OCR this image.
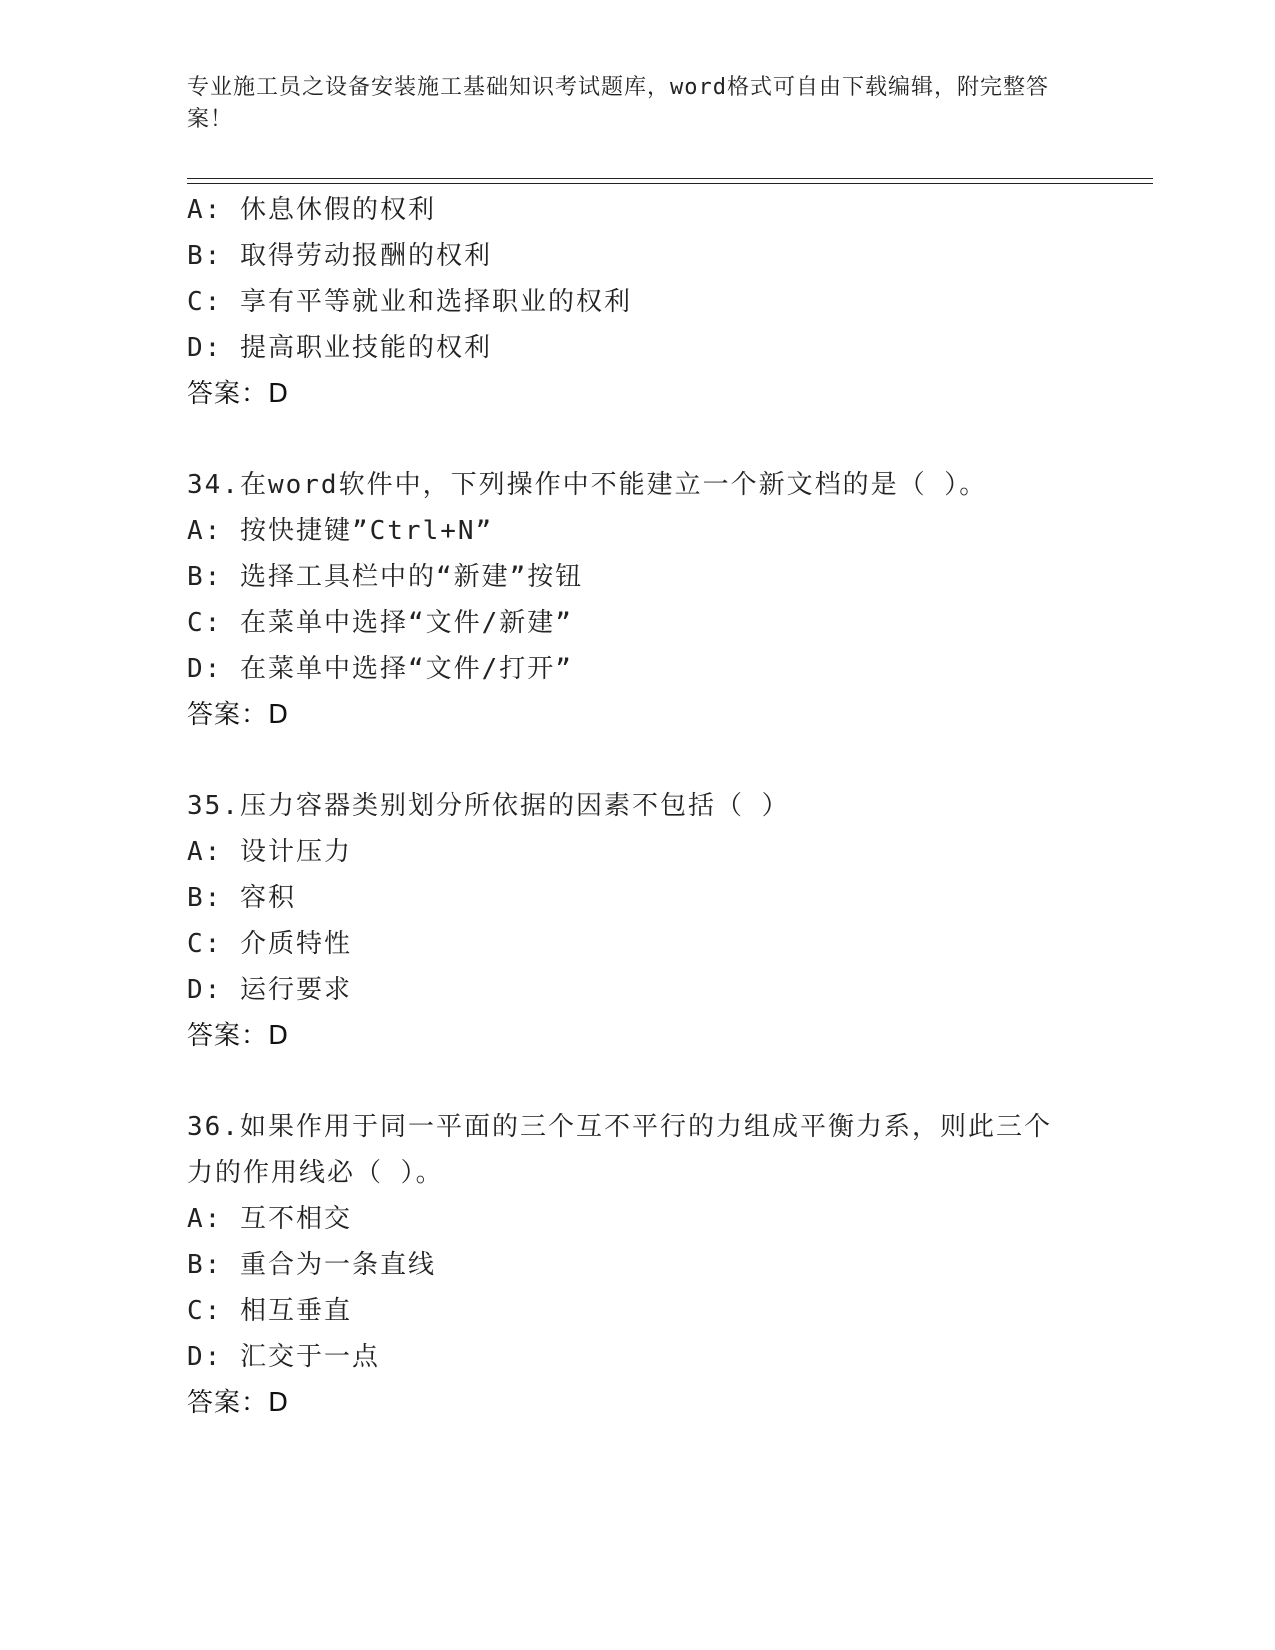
专业施工员之设备安装施工基础知识考试题库，word格式可自由下载编辑，附完整答案！
A: 休息休假的权利
B: 取得劳动报酬的权利
C: 享有平等就业和选择职业的权利
D: 提高职业技能的权利
答案：D
34.在word软件中，下列操作中不能建立一个新文档的是（ ）。
A: 按快捷键”Ctrl+N”
B: 选择工具栏中的“新建”按钮
C: 在菜单中选择“文件/新建”
D: 在菜单中选择“文件/打开”
答案：D
35.压力容器类别划分所依据的因素不包括（ ）
A: 设计压力
B: 容积
C: 介质特性
D: 运行要求
答案：D
36.如果作用于同一平面的三个互不平行的力组成平衡力系，则此三个力的作用线必（ ）。
A: 互不相交
B: 重合为一条直线
C: 相互垂直
D: 汇交于一点
答案：D
